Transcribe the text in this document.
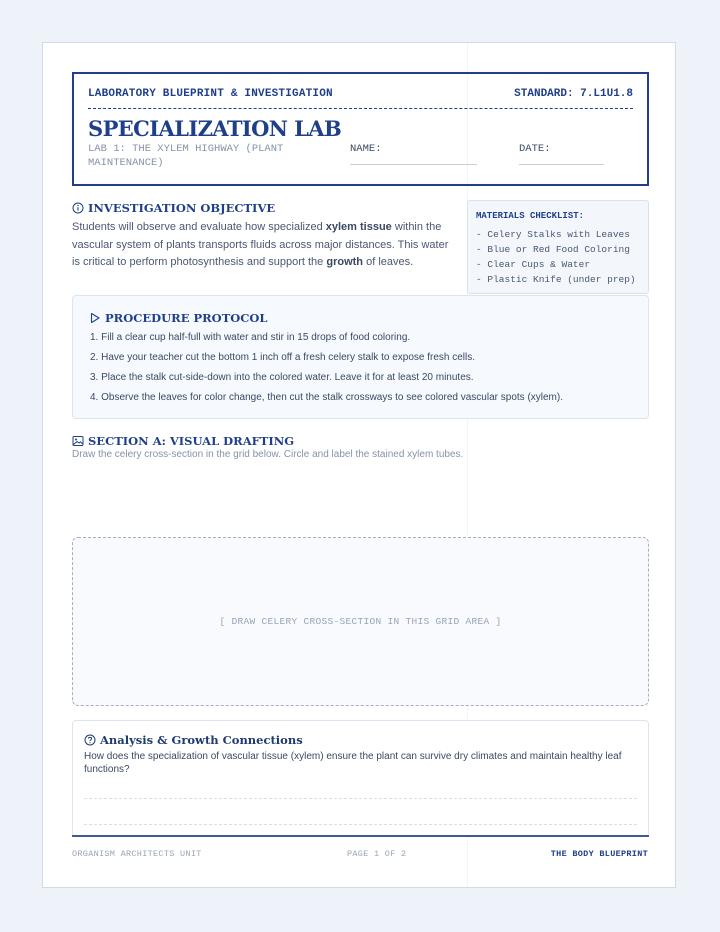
LABORATORY BLUEPRINT & INVESTIGATION	STANDARD: 7.L1U1.8
SPECIALIZATION LAB
LAB 1: THE XYLEM HIGHWAY (PLANT MAINTENANCE)
NAME:	DATE:
INVESTIGATION OBJECTIVE
Students will observe and evaluate how specialized xylem tissue within the vascular system of plants transports fluids across major distances. This water is critical to perform photosynthesis and support the growth of leaves.
MATERIALS CHECKLIST:
- Celery Stalks with Leaves
- Blue or Red Food Coloring
- Clear Cups & Water
- Plastic Knife (under prep)
PROCEDURE PROTOCOL
1. Fill a clear cup half-full with water and stir in 15 drops of food coloring.
2. Have your teacher cut the bottom 1 inch off a fresh celery stalk to expose fresh cells.
3. Place the stalk cut-side-down into the colored water. Leave it for at least 20 minutes.
4. Observe the leaves for color change, then cut the stalk crossways to see colored vascular spots (xylem).
SECTION A: VISUAL DRAFTING
Draw the celery cross-section in the grid below. Circle and label the stained xylem tubes.
[ DRAW CELERY CROSS-SECTION IN THIS GRID AREA ]
Analysis & Growth Connections
How does the specialization of vascular tissue (xylem) ensure the plant can survive dry climates and maintain healthy leaf functions?
ORGANISM ARCHITECTS UNIT	PAGE 1 OF 2	THE BODY BLUEPRINT
